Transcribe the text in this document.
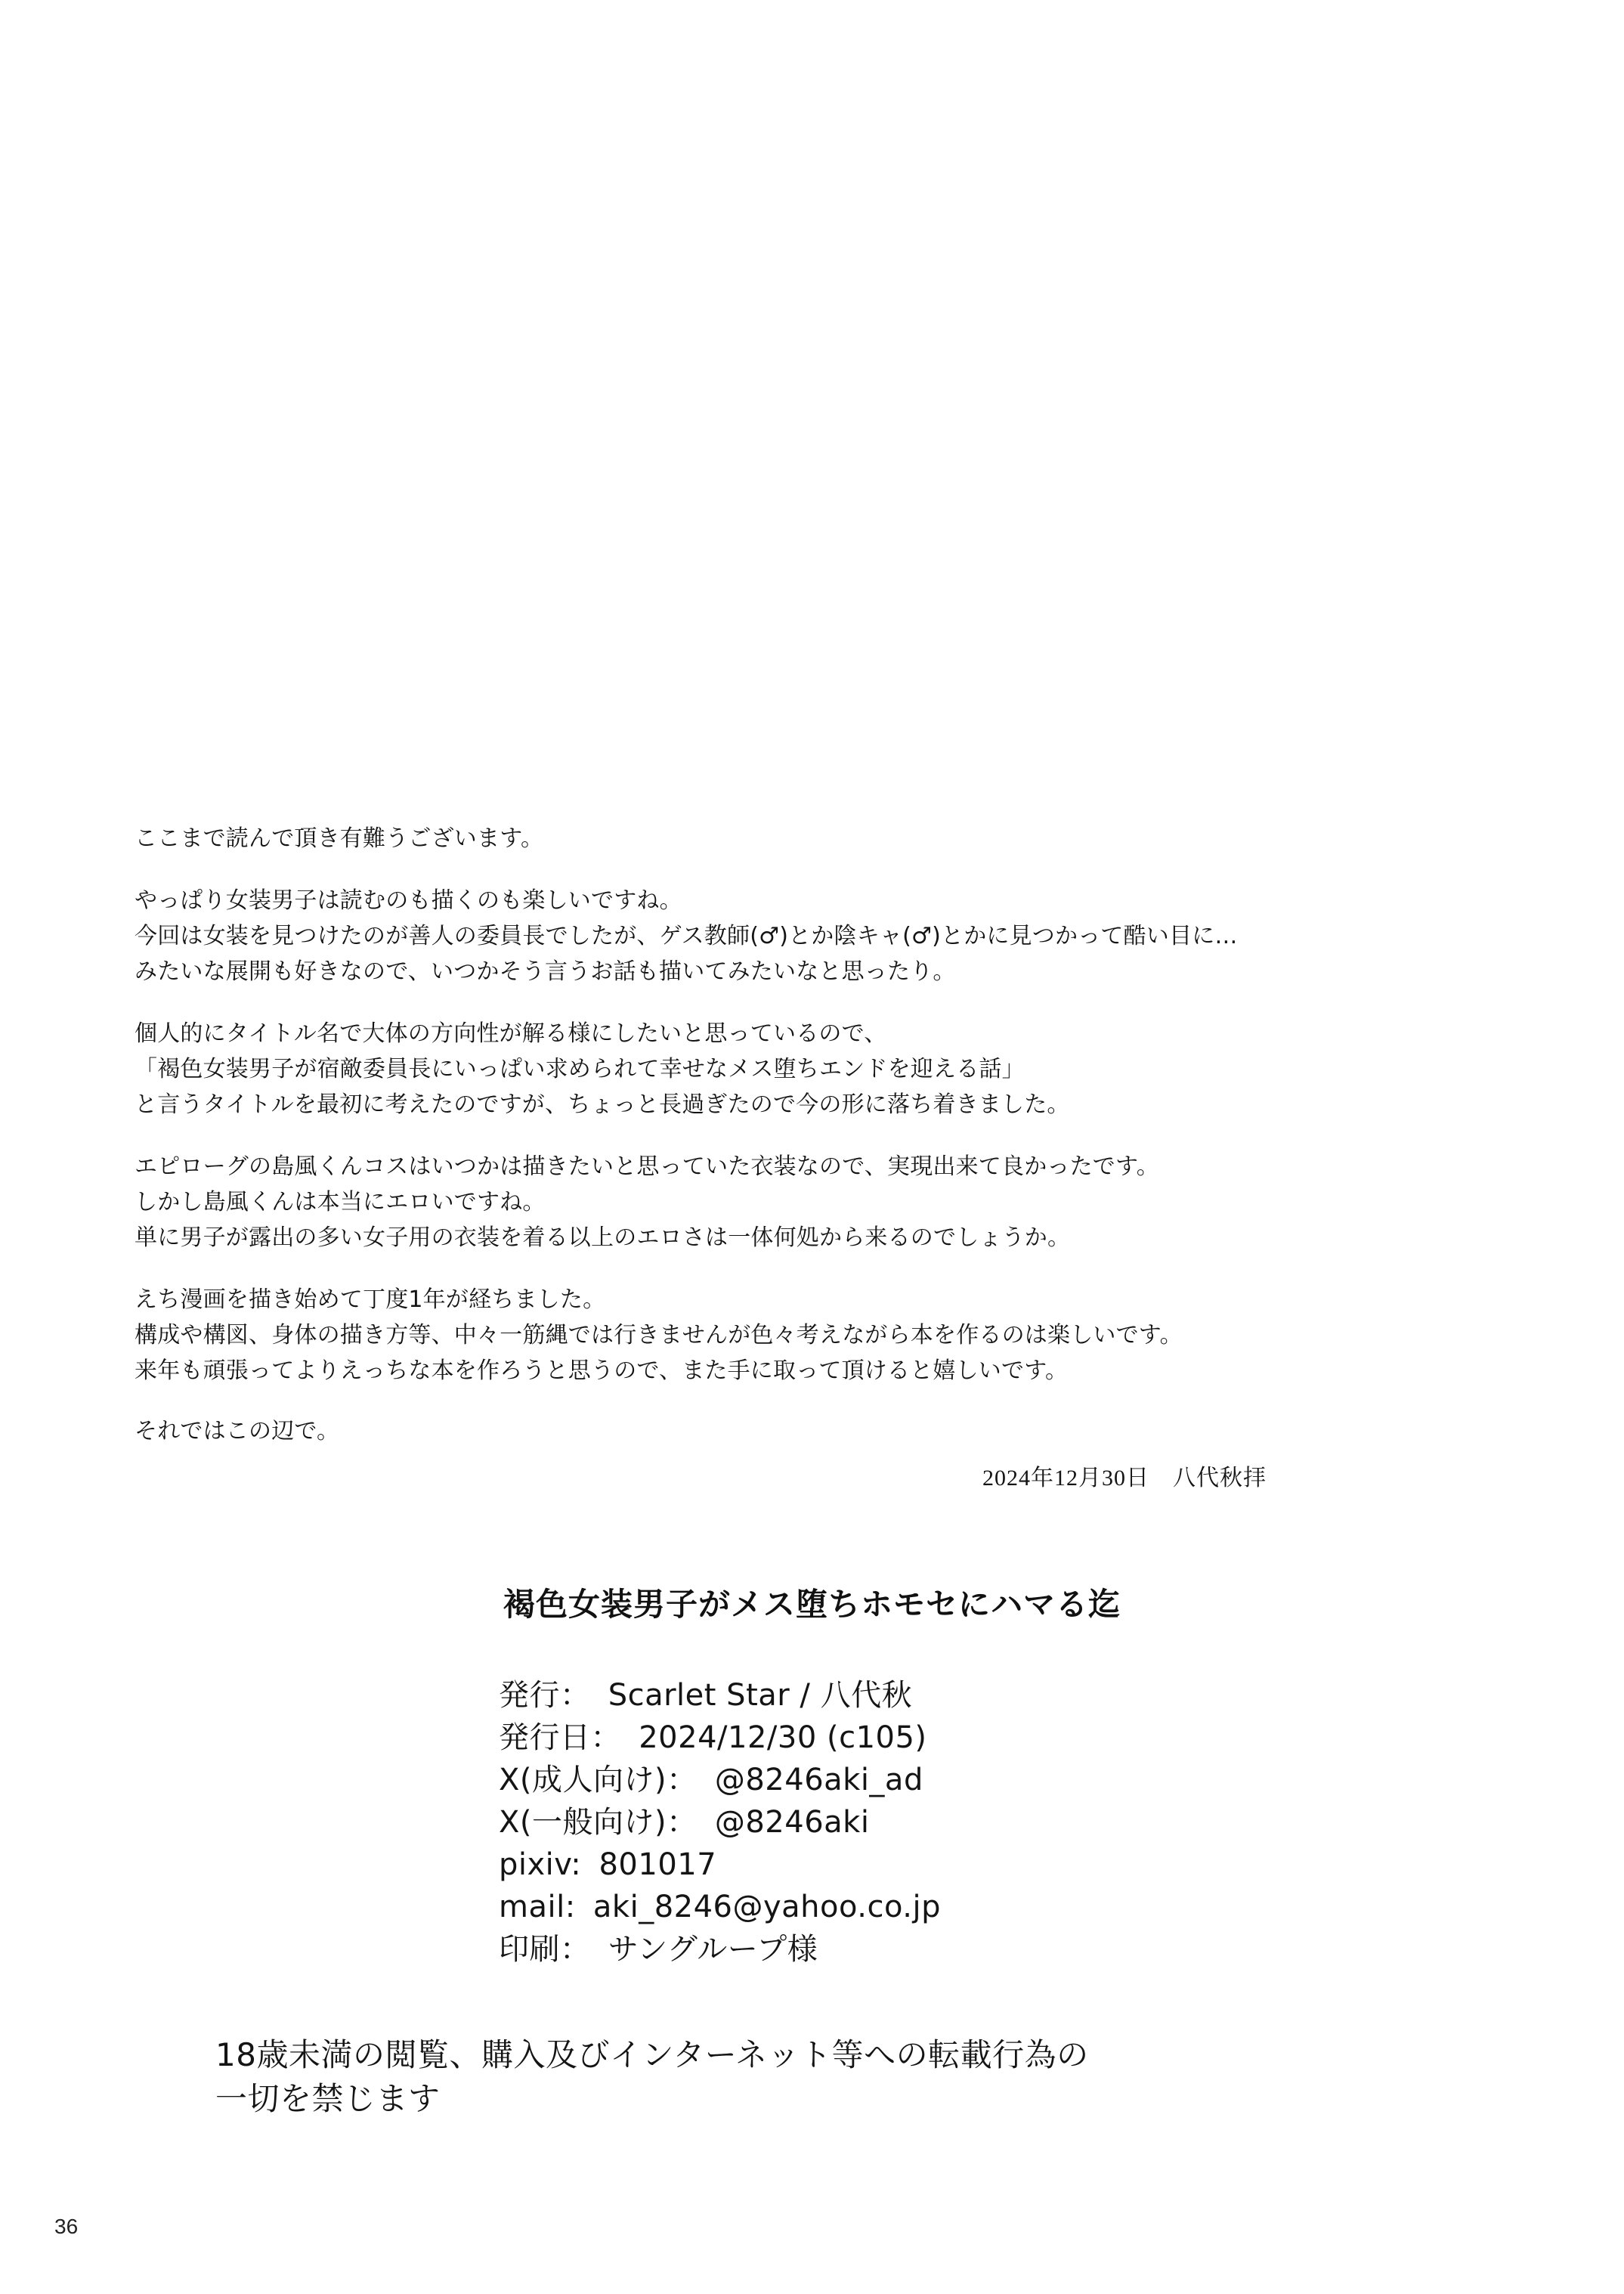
ここまで読んで頂き有難うございます。
やっぱり女装男子は読むのも描くのも楽しいですね。
今回は女装を見つけたのが善人の委員長でしたが、ゲス教師(♂)とか陰キャ(♂)とかに見つかって酷い目に…
みたいな展開も好きなので、いつかそう言うお話も描いてみたいなと思ったり。
個人的にタイトル名で大体の方向性が解る様にしたいと思っているので、
「褐色女装男子が宿敵委員長にいっぱい求められて幸せなメス堕ちエンドを迎える話」
と言うタイトルを最初に考えたのですが、ちょっと長過ぎたので今の形に落ち着きました。
エピローグの島風くんコスはいつかは描きたいと思っていた衣装なので、実現出来て良かったです。
しかし島風くんは本当にエロいですね。
単に男子が露出の多い女子用の衣装を着る以上のエロさは一体何処から来るのでしょうか。
えち漫画を描き始めて丁度1年が経ちました。
構成や構図、身体の描き方等、中々一筋縄では行きませんが色々考えながら本を作るのは楽しいです。
来年も頑張ってよりえっちな本を作ろうと思うので、また手に取って頂けると嬉しいです。
それではこの辺で。
2024年12月30日　八代秋拝
褐色女装男子がメス堕ちホモセにハマる迄
発行： Scarlet Star / 八代秋
発行日： 2024/12/30 (c105)
X(成人向け)： @8246aki_ad
X(一般向け)： @8246aki
pixiv: 801017
mail: aki_8246@yahoo.co.jp
印刷： サングループ様
18歳未満の閲覧、購入及びインターネット等への転載行為の
一切を禁じます
36
